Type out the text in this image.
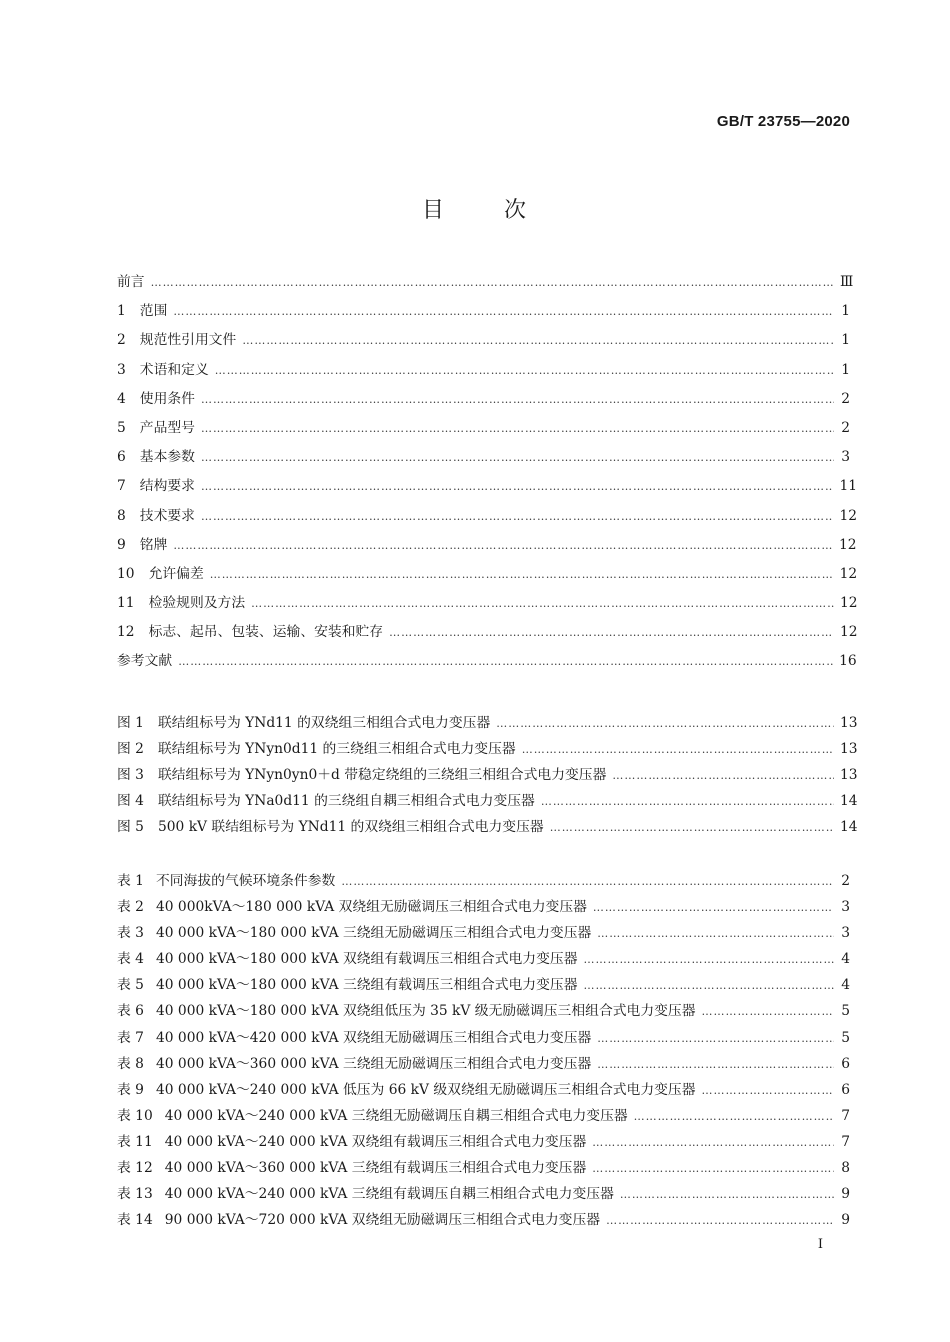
GB/T 23755—2020
目	次
前言 …………………………………………………………………………………………………………………………………………………………………………………………………………………………………………	Ⅲ
1 范围 …………………………………………………………………………………………………………………………………………………………………………………………………………………………………………	1
2 规范性引用文件 …………………………………………………………………………………………………………………………………………………………………………………………………………………………………………	1
3 术语和定义 …………………………………………………………………………………………………………………………………………………………………………………………………………………………………………	1
4 使用条件 …………………………………………………………………………………………………………………………………………………………………………………………………………………………………………	2
5 产品型号 …………………………………………………………………………………………………………………………………………………………………………………………………………………………………………	2
6 基本参数 …………………………………………………………………………………………………………………………………………………………………………………………………………………………………………	3
7 结构要求 …………………………………………………………………………………………………………………………………………………………………………………………………………………………………………	11
8 技术要求 …………………………………………………………………………………………………………………………………………………………………………………………………………………………………………	12
9 铭牌 …………………………………………………………………………………………………………………………………………………………………………………………………………………………………………	12
10 允许偏差 …………………………………………………………………………………………………………………………………………………………………………………………………………………………………………	12
11 检验规则及方法 …………………………………………………………………………………………………………………………………………………………………………………………………………………………………………	12
12 标志、起吊、包装、运输、安装和贮存 …………………………………………………………………………………………………………………………………………………………………………………………………………………………………………	12
参考文献 …………………………………………………………………………………………………………………………………………………………………………………………………………………………………………	16
图 1 联结组标号为 YNd11 的双绕组三相组合式电力变压器 …………………………………………………………………………………………………………………………………………………………………………………………………………………………………………	13
图 2 联结组标号为 YNyn0d11 的三绕组三相组合式电力变压器 …………………………………………………………………………………………………………………………………………………………………………………………………………………………………………	13
图 3 联结组标号为 YNyn0yn0＋d 带稳定绕组的三绕组三相组合式电力变压器 …………………………………………………………………………………………………………………………………………………………………………………………………………………………………………	13
图 4 联结组标号为 YNa0d11 的三绕组自耦三相组合式电力变压器 …………………………………………………………………………………………………………………………………………………………………………………………………………………………………………	14
图 5 500 kV 联结组标号为 YNd11 的双绕组三相组合式电力变压器 …………………………………………………………………………………………………………………………………………………………………………………………………………………………………………	14
表 1 不同海拔的气候环境条件参数 …………………………………………………………………………………………………………………………………………………………………………………………………………………………………………	2
表 2 40 000kVA～180 000 kVA 双绕组无励磁调压三相组合式电力变压器 …………………………………………………………………………………………………………………………………………………………………………………………………………………………………………	3
表 3 40 000 kVA～180 000 kVA 三绕组无励磁调压三相组合式电力变压器 …………………………………………………………………………………………………………………………………………………………………………………………………………………………………………	3
表 4 40 000 kVA～180 000 kVA 双绕组有载调压三相组合式电力变压器 …………………………………………………………………………………………………………………………………………………………………………………………………………………………………………	4
表 5 40 000 kVA～180 000 kVA 三绕组有载调压三相组合式电力变压器 …………………………………………………………………………………………………………………………………………………………………………………………………………………………………………	4
表 6 40 000 kVA～180 000 kVA 双绕组低压为 35 kV 级无励磁调压三相组合式电力变压器 …………………………………………………………………………………………………………………………………………………………………………………………………………………………………………	5
表 7 40 000 kVA～420 000 kVA 双绕组无励磁调压三相组合式电力变压器 …………………………………………………………………………………………………………………………………………………………………………………………………………………………………………	5
表 8 40 000 kVA～360 000 kVA 三绕组无励磁调压三相组合式电力变压器 …………………………………………………………………………………………………………………………………………………………………………………………………………………………………………	6
表 9 40 000 kVA～240 000 kVA 低压为 66 kV 级双绕组无励磁调压三相组合式电力变压器 …………………………………………………………………………………………………………………………………………………………………………………………………………………………………………	6
表 10 40 000 kVA～240 000 kVA 三绕组无励磁调压自耦三相组合式电力变压器 …………………………………………………………………………………………………………………………………………………………………………………………………………………………………………	7
表 11 40 000 kVA～240 000 kVA 双绕组有载调压三相组合式电力变压器 …………………………………………………………………………………………………………………………………………………………………………………………………………………………………………	7
表 12 40 000 kVA～360 000 kVA 三绕组有载调压三相组合式电力变压器 …………………………………………………………………………………………………………………………………………………………………………………………………………………………………………	8
表 13 40 000 kVA～240 000 kVA 三绕组有载调压自耦三相组合式电力变压器 …………………………………………………………………………………………………………………………………………………………………………………………………………………………………………	9
表 14 90 000 kVA～720 000 kVA 双绕组无励磁调压三相组合式电力变压器 …………………………………………………………………………………………………………………………………………………………………………………………………………………………………………	9
Ⅰ
